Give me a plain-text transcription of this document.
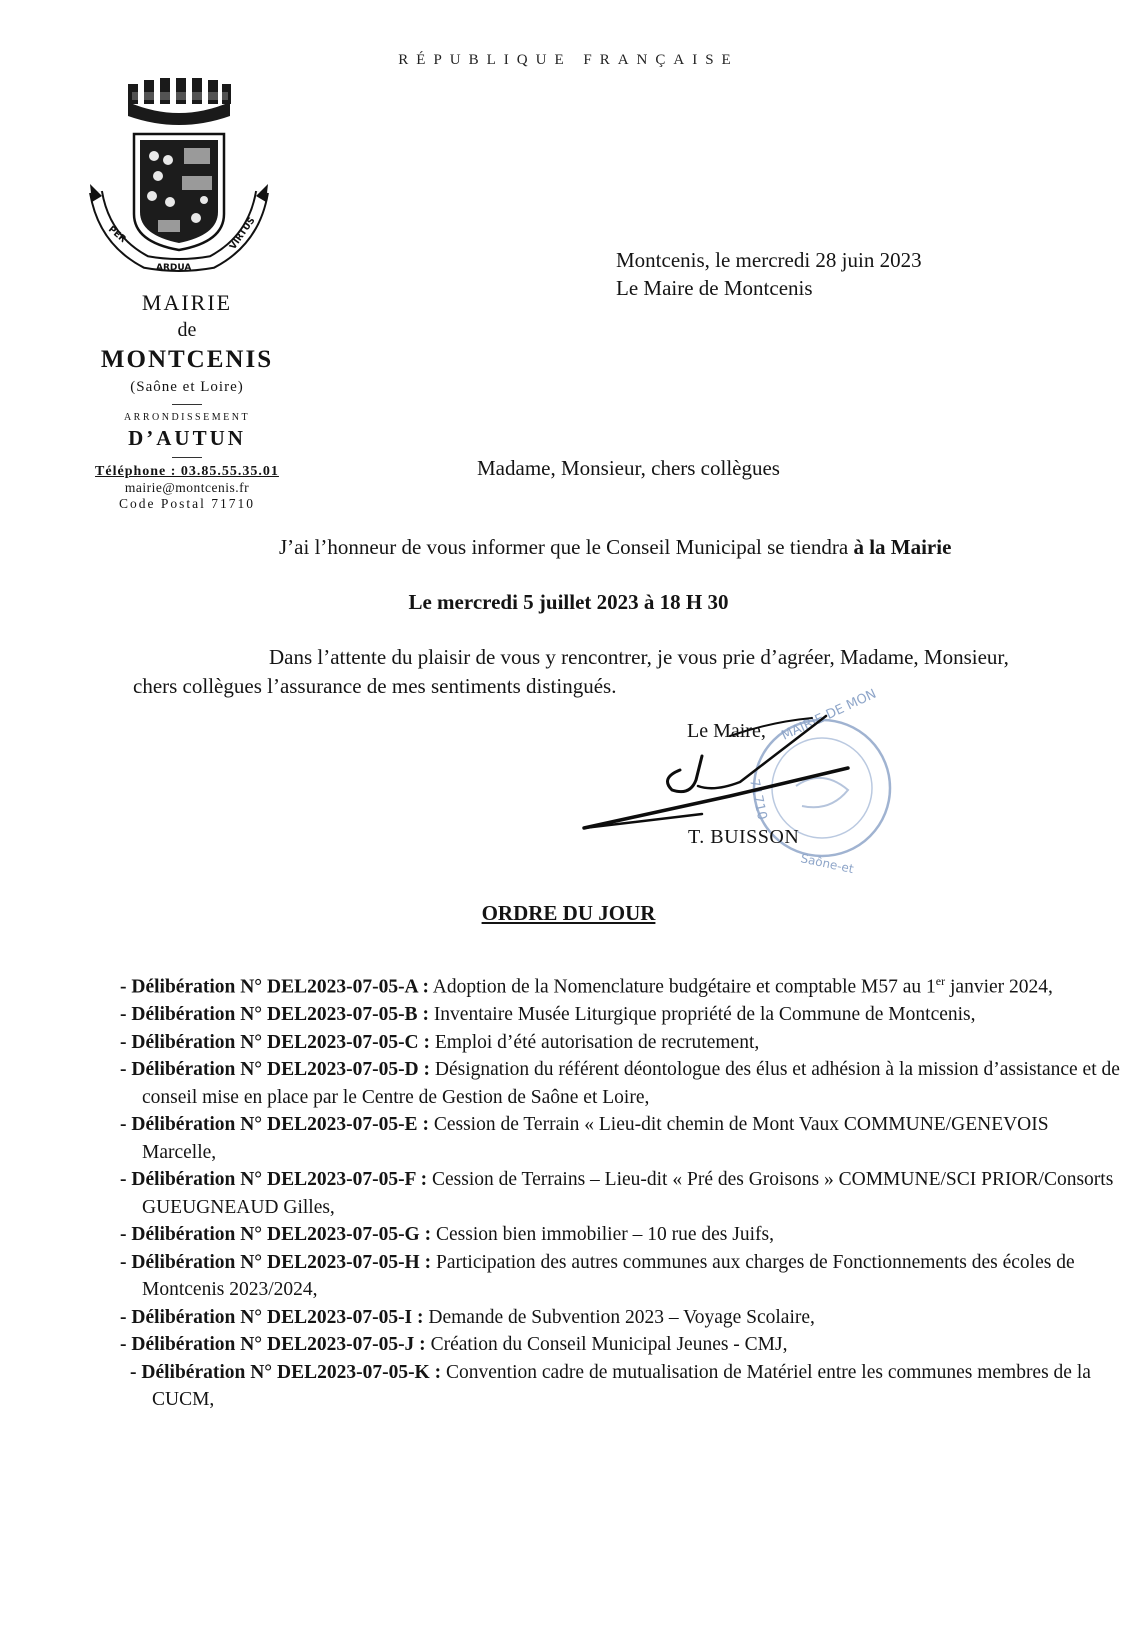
RÉPUBLIQUE FRANÇAISE
PER
ARDUA
VIRTUS
MAIRIE
de
MONTCENIS
(Saône et Loire)
ARRONDISSEMENT
D’AUTUN
Téléphone : 03.85.55.35.01
mairie@montcenis.fr
Code Postal 71710
Montcenis, le mercredi 28 juin 2023
Le Maire de Montcenis
Madame, Monsieur, chers collègues
J’ai l’honneur de vous informer que le Conseil Municipal se tiendra à la Mairie
Le mercredi 5 juillet 2023 à 18 H 30
Dans l’attente du plaisir de vous y rencontrer, je vous prie d’agréer, Madame, Monsieur, chers collègues l’assurance de mes sentiments distingués.
MAIRIE DE MON
71710
Saône-et
Le Maire,
T. BUISSON
ORDRE DU JOUR
- Délibération N° DEL2023-07-05-A : Adoption de la Nomenclature budgétaire et comptable M57 au 1er janvier 2024,
- Délibération N° DEL2023-07-05-B : Inventaire Musée Liturgique propriété de la Commune de Montcenis,
- Délibération N° DEL2023-07-05-C : Emploi d’été autorisation de recrutement,
- Délibération N° DEL2023-07-05-D : Désignation du référent déontologue des élus et adhésion à la mission d’assistance et de conseil mise en place par le Centre de Gestion de Saône et Loire,
- Délibération N° DEL2023-07-05-E : Cession de Terrain « Lieu-dit chemin de Mont Vaux COMMUNE/GENEVOIS Marcelle,
- Délibération N° DEL2023-07-05-F : Cession de Terrains – Lieu-dit « Pré des Groisons » COMMUNE/SCI PRIOR/Consorts GUEUGNEAUD Gilles,
- Délibération N° DEL2023-07-05-G : Cession bien immobilier – 10 rue des Juifs,
- Délibération N° DEL2023-07-05-H : Participation des autres communes aux charges de Fonctionnements des écoles de Montcenis 2023/2024,
- Délibération N° DEL2023-07-05-I : Demande de Subvention 2023 – Voyage Scolaire,
- Délibération N° DEL2023-07-05-J : Création du Conseil Municipal Jeunes - CMJ,
- Délibération N° DEL2023-07-05-K : Convention cadre de mutualisation de Matériel entre les communes membres de la CUCM,
